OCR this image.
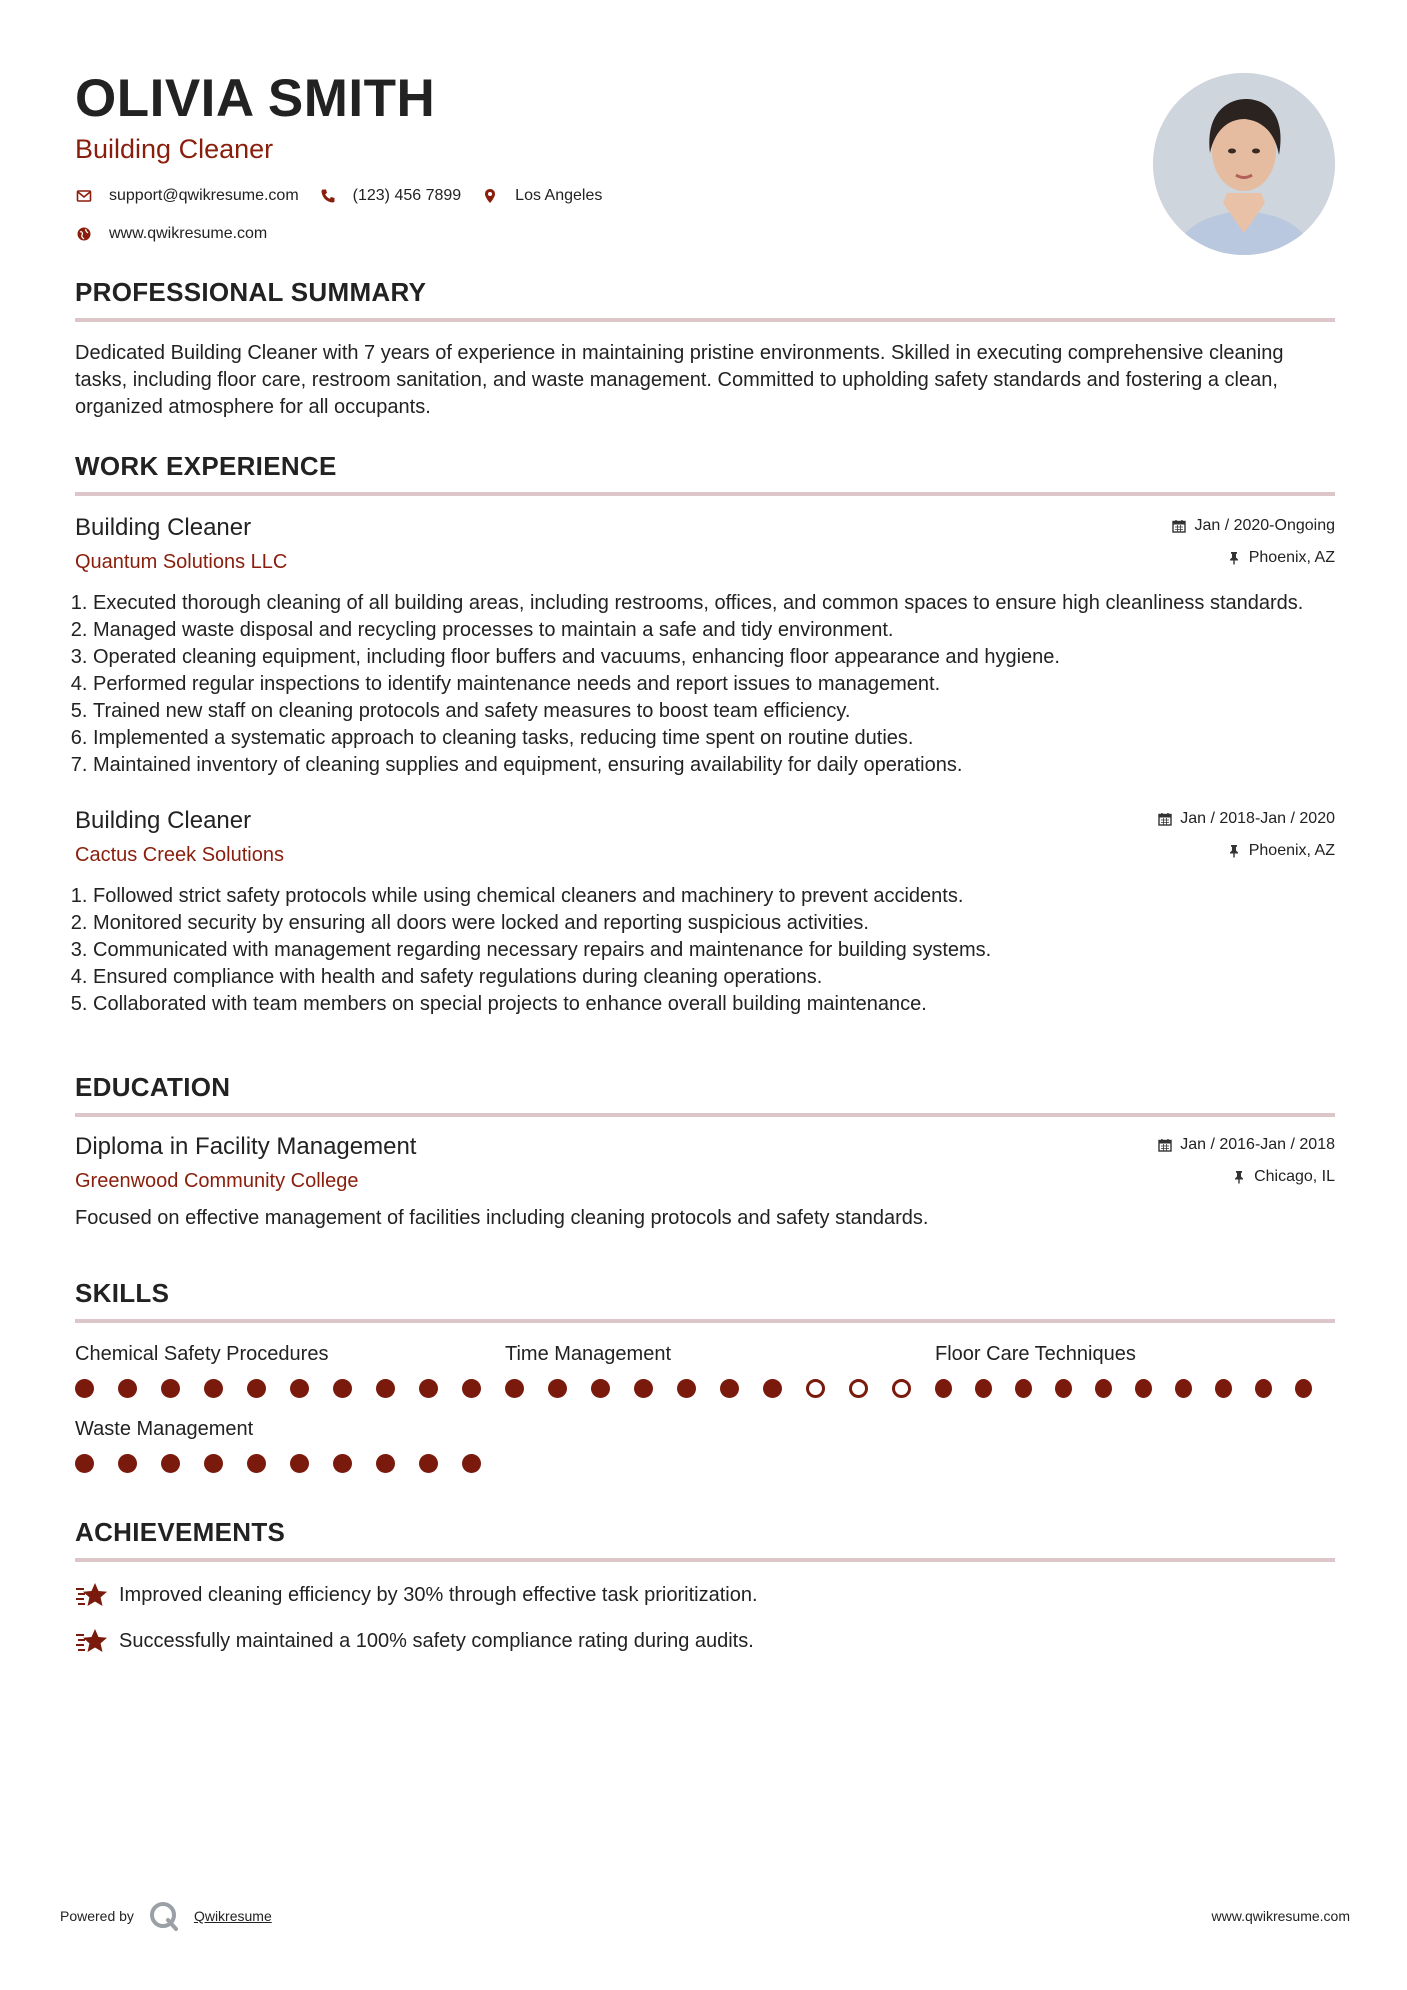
OLIVIA SMITH
Building Cleaner
support@qwikresume.com	(123) 456 7899	Los Angeles
www.qwikresume.com
PROFESSIONAL SUMMARY
Dedicated Building Cleaner with 7 years of experience in maintaining pristine environments. Skilled in executing comprehensive cleaning tasks, including floor care, restroom sanitation, and waste management. Committed to upholding safety standards and fostering a clean, organized atmosphere for all occupants.
WORK EXPERIENCE
Building Cleaner
Quantum Solutions LLC
Jan / 2020-Ongoing
Phoenix, AZ
1. Executed thorough cleaning of all building areas, including restrooms, offices, and common spaces to ensure high cleanliness standards.
2. Managed waste disposal and recycling processes to maintain a safe and tidy environment.
3. Operated cleaning equipment, including floor buffers and vacuums, enhancing floor appearance and hygiene.
4. Performed regular inspections to identify maintenance needs and report issues to management.
5. Trained new staff on cleaning protocols and safety measures to boost team efficiency.
6. Implemented a systematic approach to cleaning tasks, reducing time spent on routine duties.
7. Maintained inventory of cleaning supplies and equipment, ensuring availability for daily operations.
Building Cleaner
Cactus Creek Solutions
Jan / 2018-Jan / 2020
Phoenix, AZ
1. Followed strict safety protocols while using chemical cleaners and machinery to prevent accidents.
2. Monitored security by ensuring all doors were locked and reporting suspicious activities.
3. Communicated with management regarding necessary repairs and maintenance for building systems.
4. Ensured compliance with health and safety regulations during cleaning operations.
5. Collaborated with team members on special projects to enhance overall building maintenance.
EDUCATION
Diploma in Facility Management
Greenwood Community College
Jan / 2016-Jan / 2018
Chicago, IL
Focused on effective management of facilities including cleaning protocols and safety standards.
SKILLS
Chemical Safety Procedures	Time Management	Floor Care Techniques
Waste Management
ACHIEVEMENTS
Improved cleaning efficiency by 30% through effective task prioritization.
Successfully maintained a 100% safety compliance rating during audits.
Powered by	Qwikresume	www.qwikresume.com
